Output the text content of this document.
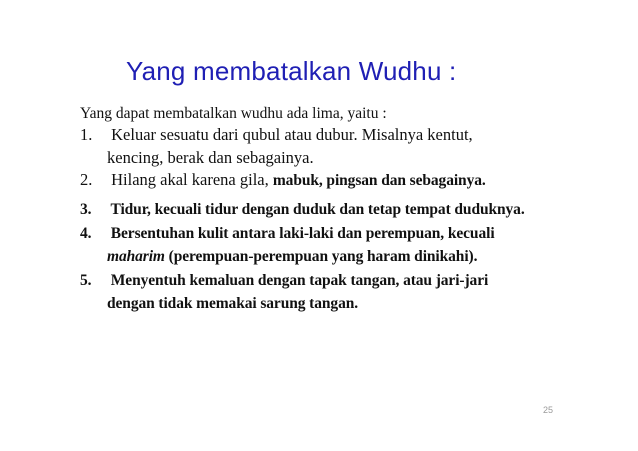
Yang membatalkan Wudhu :
Yang dapat membatalkan wudhu ada lima, yaitu :
1. Keluar sesuatu dari qubul atau dubur. Misalnya kentut,
kencing, berak dan sebagainya.
2. Hilang akal karena gila, mabuk, pingsan dan sebagainya.
3. Tidur, kecuali tidur dengan duduk dan tetap tempat duduknya.
4. Bersentuhan kulit antara laki-laki dan perempuan, kecuali
maharim (perempuan-perempuan yang haram dinikahi).
5. Menyentuh kemaluan dengan tapak tangan, atau jari-jari
dengan tidak memakai sarung tangan.
25
